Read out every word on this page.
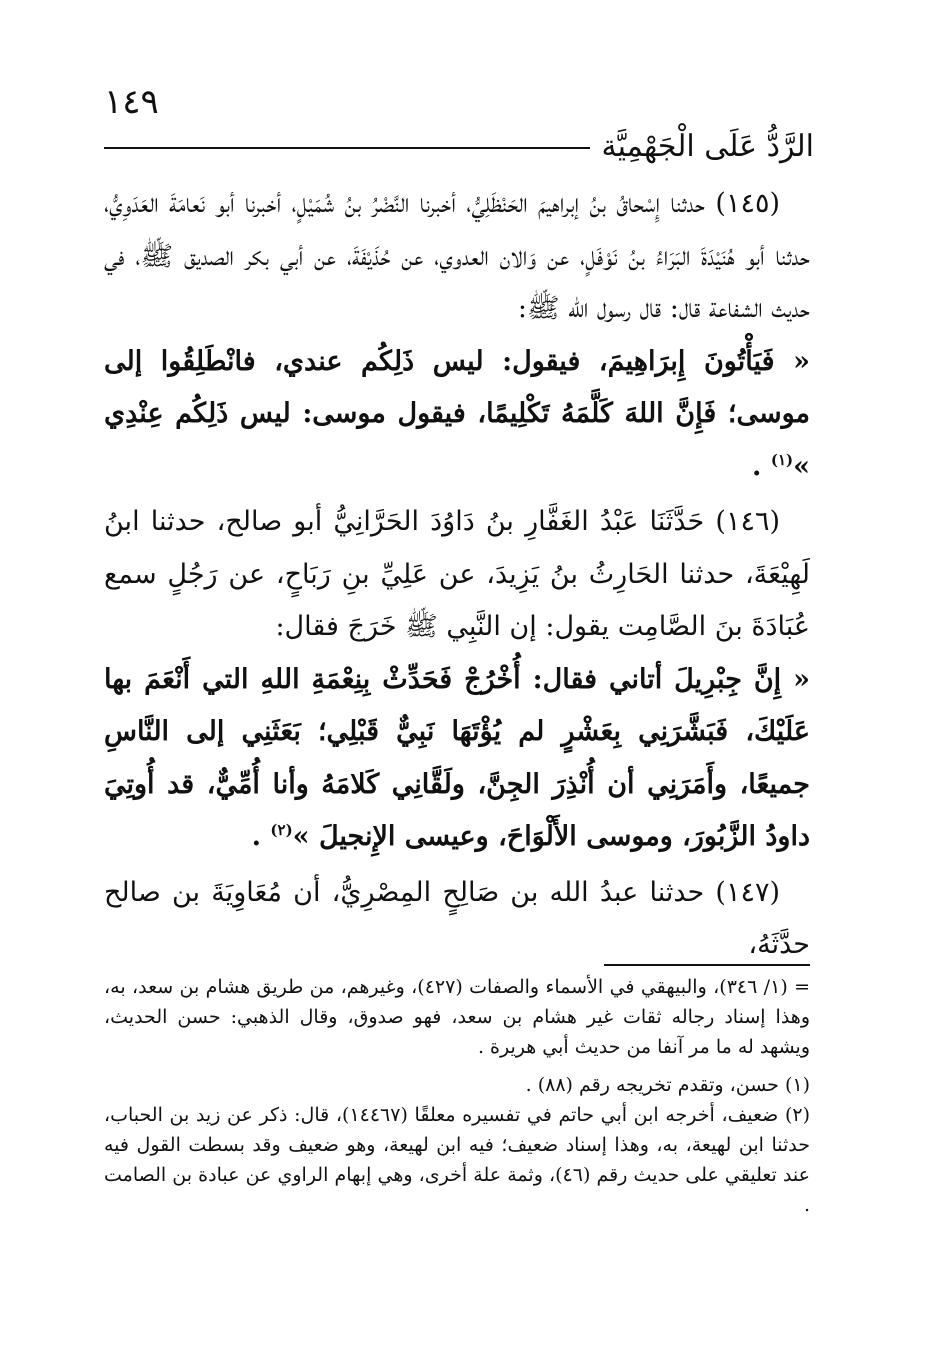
١٤٩
الرَّدُّ عَلَى الْجَهْمِيَّة

(١٤٥) حدثنا إِسْحاقُ بنُ إبراهيمَ الحَنْظَلِيُّ، أخبرنا النَّضْرُ بنُ شُمَيْلٍ، أخبرنا أبو نَعامَةَ العَدَوِيُّ، حدثنا أبو هُنَيْدَةَ البَرَاءُ بنُ نَوْفَلٍ، عن وَالان العدوي، عن حُذَيْفَةَ، عن أبي بكر الصديق ﷺ، في حديث الشفاعة قال: قال رسول الله ﷺ:

« فَيَأْتُونَ إِبرَاهِيمَ، فيقول: ليس ذَلِكُم عندي، فانْطَلِقُوا إلى موسى؛ فَإِنَّ اللهَ كَلَّمَهُ تَكْلِيمًا، فيقول موسى: ليس ذَلِكُم عِنْدِي »$^{(١)}$ .

(١٤٦) حَدَّثَنَا عَبْدُ الغَفَّارِ بنُ دَاوُدَ الحَرَّانِيُّ أبو صالح، حدثنا ابنُ لَهِيْعَةَ، حدثنا الحَارِثُ بنُ يَزِيدَ، عن عَلِيِّ بنِ رَبَاحٍ، عن رَجُلٍ سمع عُبَادَةَ بنَ الصَّامِت يقول: إن النَّبِي ﷺ خَرَجَ فقال:

« إِنَّ جِبْرِيلَ أتاني فقال: أُخْرُجْ فَحَدِّثْ بِنِعْمَةِ اللهِ التي أَنْعَمَ بها عَلَيْكَ، فَبَشَّرَنِي بِعَشْرٍ لم يُؤْتَهَا نَبِيٌّ قَبْلِي؛ بَعَثَنِي إلى النَّاسِ جميعًا، وأَمَرَنِي أن أُنْذِرَ الجِنَّ، ولَقَّانِي كَلامَهُ وأنا أُمِّيٌّ، قد أُوتِيَ داودُ الزَّبُورَ، وموسى الأَلْوَاحَ، وعيسى الإِنجيلَ »$^{(٢)}$ .

(١٤٧) حدثنا عبدُ الله بن صَالِحٍ المِصْرِيُّ، أن مُعَاوِيَةَ بن صالح حدَّثَهُ،

= (١/ ٣٤٦)، والبيهقي في الأسماء والصفات (٤٢٧)، وغيرهم، من طريق هشام بن سعد، به، وهذا إسناد رجاله ثقات غير هشام بن سعد، فهو صدوق، وقال الذهبي: حسن الحديث، ويشهد له ما مر آنفا من حديث أبي هريرة .

(١) حسن، وتقدم تخريجه رقم (٨٨) .

(٢) ضعيف، أخرجه ابن أبي حاتم في تفسيره معلقًا (١٤٤٦٧)، قال: ذكر عن زيد بن الحباب، حدثنا ابن لهيعة، به، وهذا إسناد ضعيف؛ فيه ابن لهيعة، وهو ضعيف وقد بسطت القول فيه عند تعليقي على حديث رقم (٤٦)، وثمة علة أخرى، وهي إبهام الراوي عن عبادة بن الصامت .
